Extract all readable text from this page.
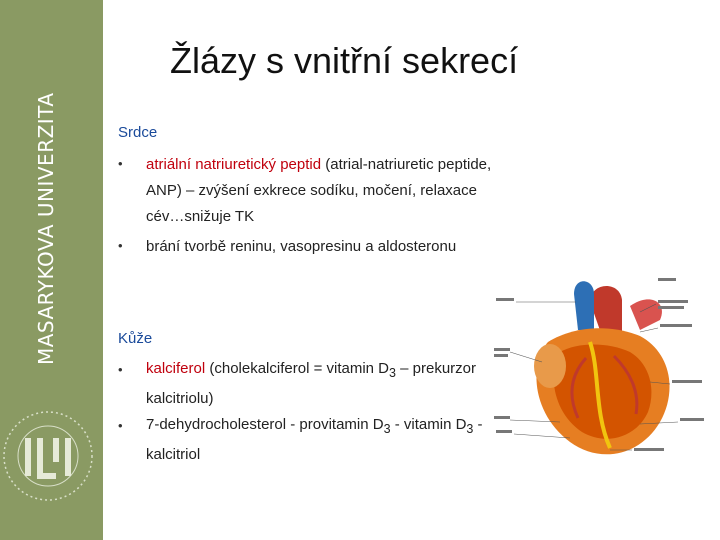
MASARYKOVA UNIVERZITA
Žlázy s vnitřní sekrecí
Srdce
•	atriální natriuretický peptid (atrial-natriuretic peptide, ANP) – zvýšení exkrece sodíku, močení, relaxace cév…snižuje TK
•	brání tvorbě reninu, vasopresinu a aldosteronu
Kůže
•	kalciferol (cholekalciferol = vitamin $D_3$ – prekurzor kalcitriolu)
•	7-dehydrocholesterol - provitamin $D_3$ - vitamin $D_3$ - kalcitriol
